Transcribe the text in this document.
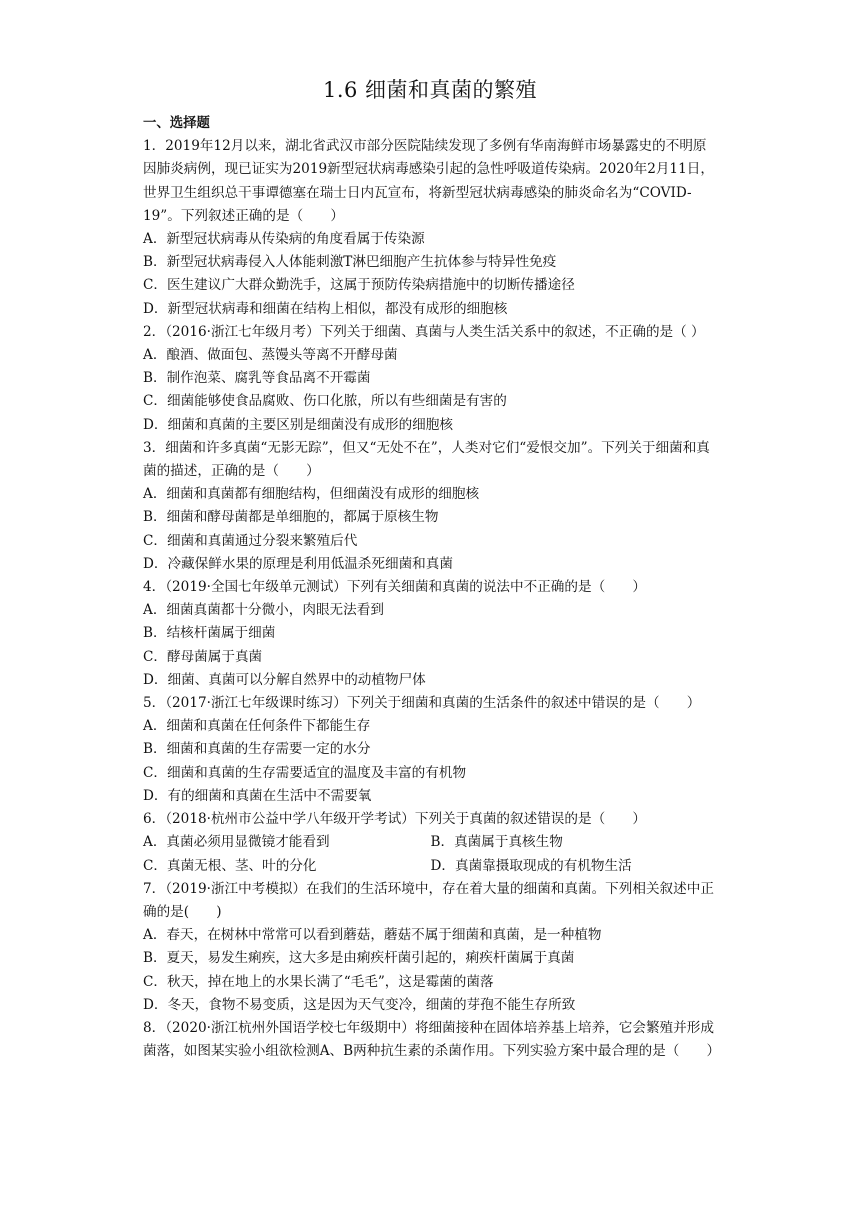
1.6 细菌和真菌的繁殖
一、选择题

1．2019年12月以来，湖北省武汉市部分医院陆续发现了多例有华南海鲜市场暴露史的不明原因肺炎病例，现已证实为2019新型冠状病毒感染引起的急性呼吸道传染病。2020年2月11日，世界卫生组织总干事谭德塞在瑞士日内瓦宣布，将新型冠状病毒感染的肺炎命名为“COVID-19”。下列叙述正确的是（　　）

A．新型冠状病毒从传染病的角度看属于传染源
B．新型冠状病毒侵入人体能刺激T淋巴细胞产生抗体参与特异性免疫
C．医生建议广大群众勤洗手，这属于预防传染病措施中的切断传播途径
D．新型冠状病毒和细菌在结构上相似，都没有成形的细胞核

2．（2016·浙江七年级月考）下列关于细菌、真菌与人类生活关系中的叙述，不正确的是（ ）

A．酿酒、做面包、蒸馒头等离不开酵母菌
B．制作泡菜、腐乳等食品离不开霉菌
C．细菌能够使食品腐败、伤口化脓，所以有些细菌是有害的
D．细菌和真菌的主要区别是细菌没有成形的细胞核

3．细菌和许多真菌“无影无踪”，但又“无处不在”，人类对它们“爱恨交加”。下列关于细菌和真菌的描述，正确的是（　　）

A．细菌和真菌都有细胞结构，但细菌没有成形的细胞核
B．细菌和酵母菌都是单细胞的，都属于原核生物
C．细菌和真菌通过分裂来繁殖后代
D．冷藏保鲜水果的原理是利用低温杀死细菌和真菌

4．（2019·全国七年级单元测试）下列有关细菌和真菌的说法中不正确的是（　　）

A．细菌真菌都十分微小，肉眼无法看到
B．结核杆菌属于细菌
C．酵母菌属于真菌
D．细菌、真菌可以分解自然界中的动植物尸体

5．（2017·浙江七年级课时练习）下列关于细菌和真菌的生活条件的叙述中错误的是（　　）

A．细菌和真菌在任何条件下都能生存
B．细菌和真菌的生存需要一定的水分
C．细菌和真菌的生存需要适宜的温度及丰富的有机物
D．有的细菌和真菌在生活中不需要氧

6．（2018·杭州市公益中学八年级开学考试）下列关于真菌的叙述错误的是（　　）

A．真菌必须用显微镜才能看到	B．真菌属于真核生物
C．真菌无根、茎、叶的分化	D．真菌靠摄取现成的有机物生活

7．（2019·浙江中考模拟）在我们的生活环境中，存在着大量的细菌和真菌。下列相关叙述中正确的是(　　)

A．春天，在树林中常常可以看到蘑菇，蘑菇不属于细菌和真菌，是一种植物
B．夏天，易发生痢疾，这大多是由痢疾杆菌引起的，痢疾杆菌属于真菌
C．秋天，掉在地上的水果长满了“毛毛”，这是霉菌的菌落
D．冬天，食物不易变质，这是因为天气变冷，细菌的芽孢不能生存所致

8．（2020·浙江杭州外国语学校七年级期中）将细菌接种在固体培养基上培养，它会繁殖并形成菌落，如图某实验小组欲检测A、B两种抗生素的杀菌作用。下列实验方案中最合理的是（　　）
